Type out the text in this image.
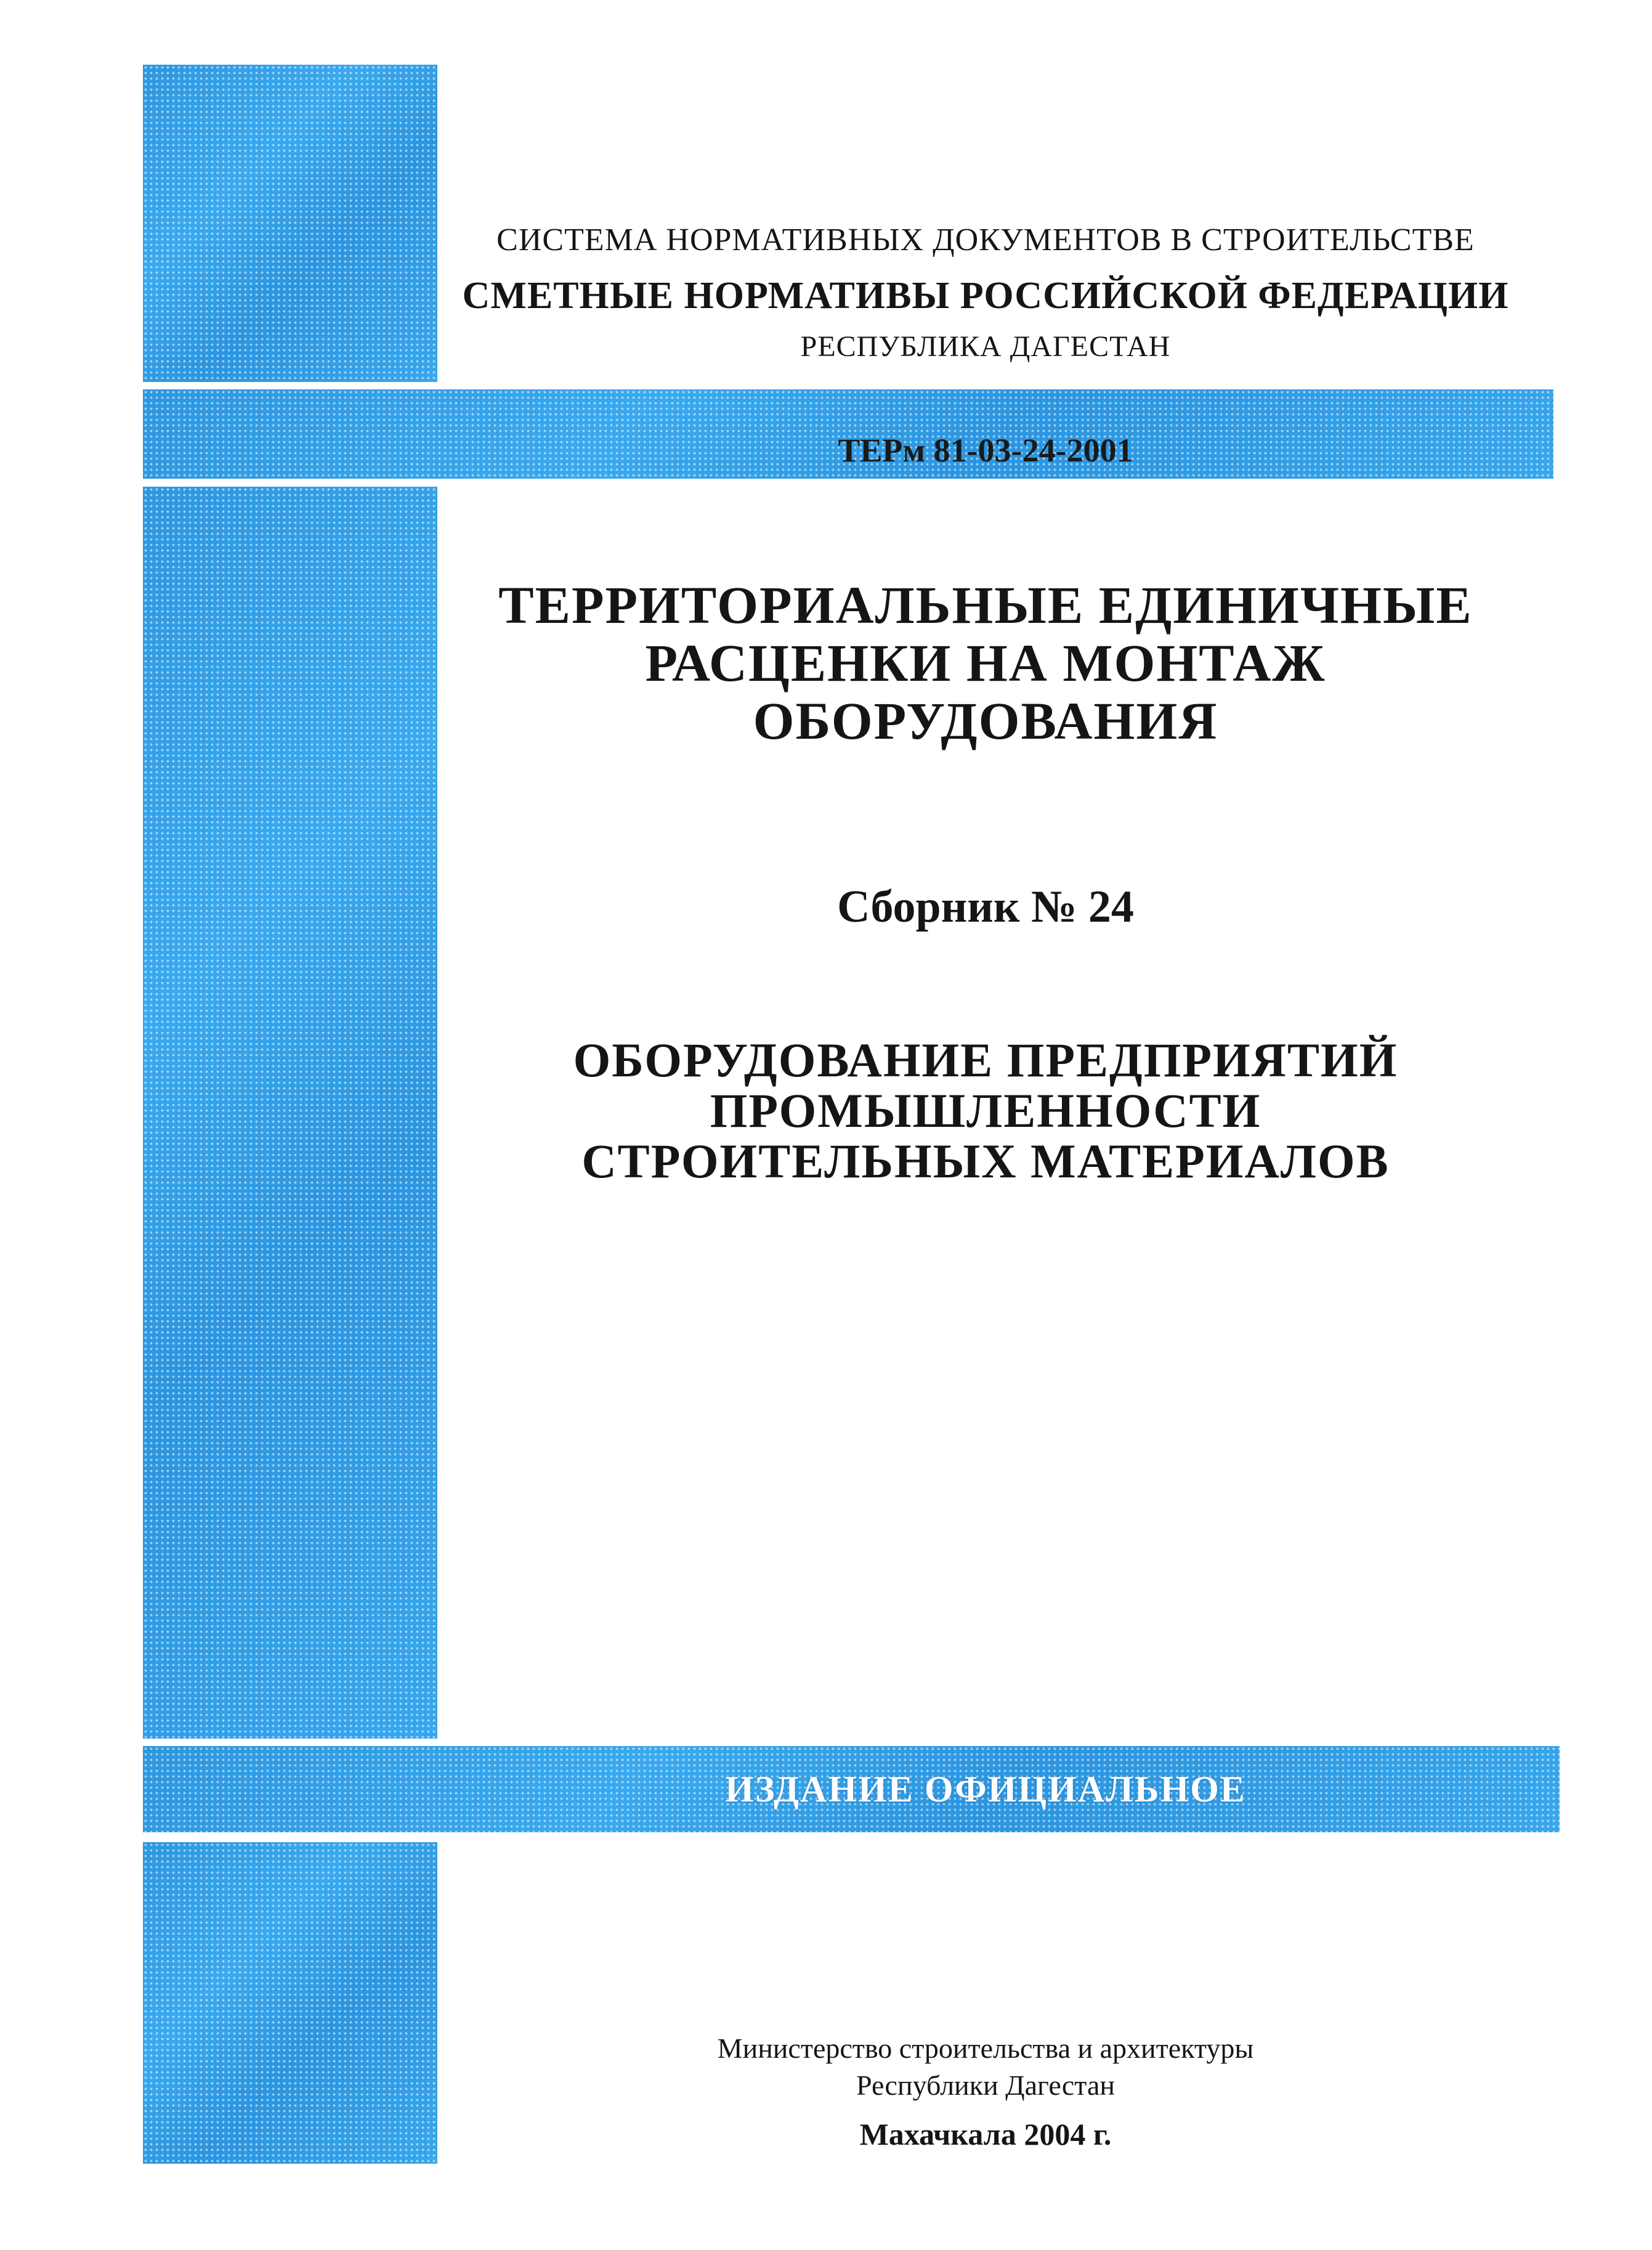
СИСТЕМА НОРМАТИВНЫХ ДОКУМЕНТОВ В СТРОИТЕЛЬСТВЕ

СМЕТНЫЕ НОРМАТИВЫ РОССИЙСКОЙ ФЕДЕРАЦИИ

РЕСПУБЛИКА ДАГЕСТАН

ТЕРм 81-03-24-2001
ТЕРРИТОРИАЛЬНЫЕ ЕДИНИЧНЫЕ
РАСЦЕНКИ НА МОНТАЖ
ОБОРУДОВАНИЯ

Сборник № 24

ОБОРУДОВАНИЕ ПРЕДПРИЯТИЙ
ПРОМЫШЛЕННОСТИ
СТРОИТЕЛЬНЫХ МАТЕРИАЛОВ
ИЗДАНИЕ ОФИЦИАЛЬНОЕ
Министерство строительства и архитектуры
Республики Дагестан

Махачкала 2004 г.
